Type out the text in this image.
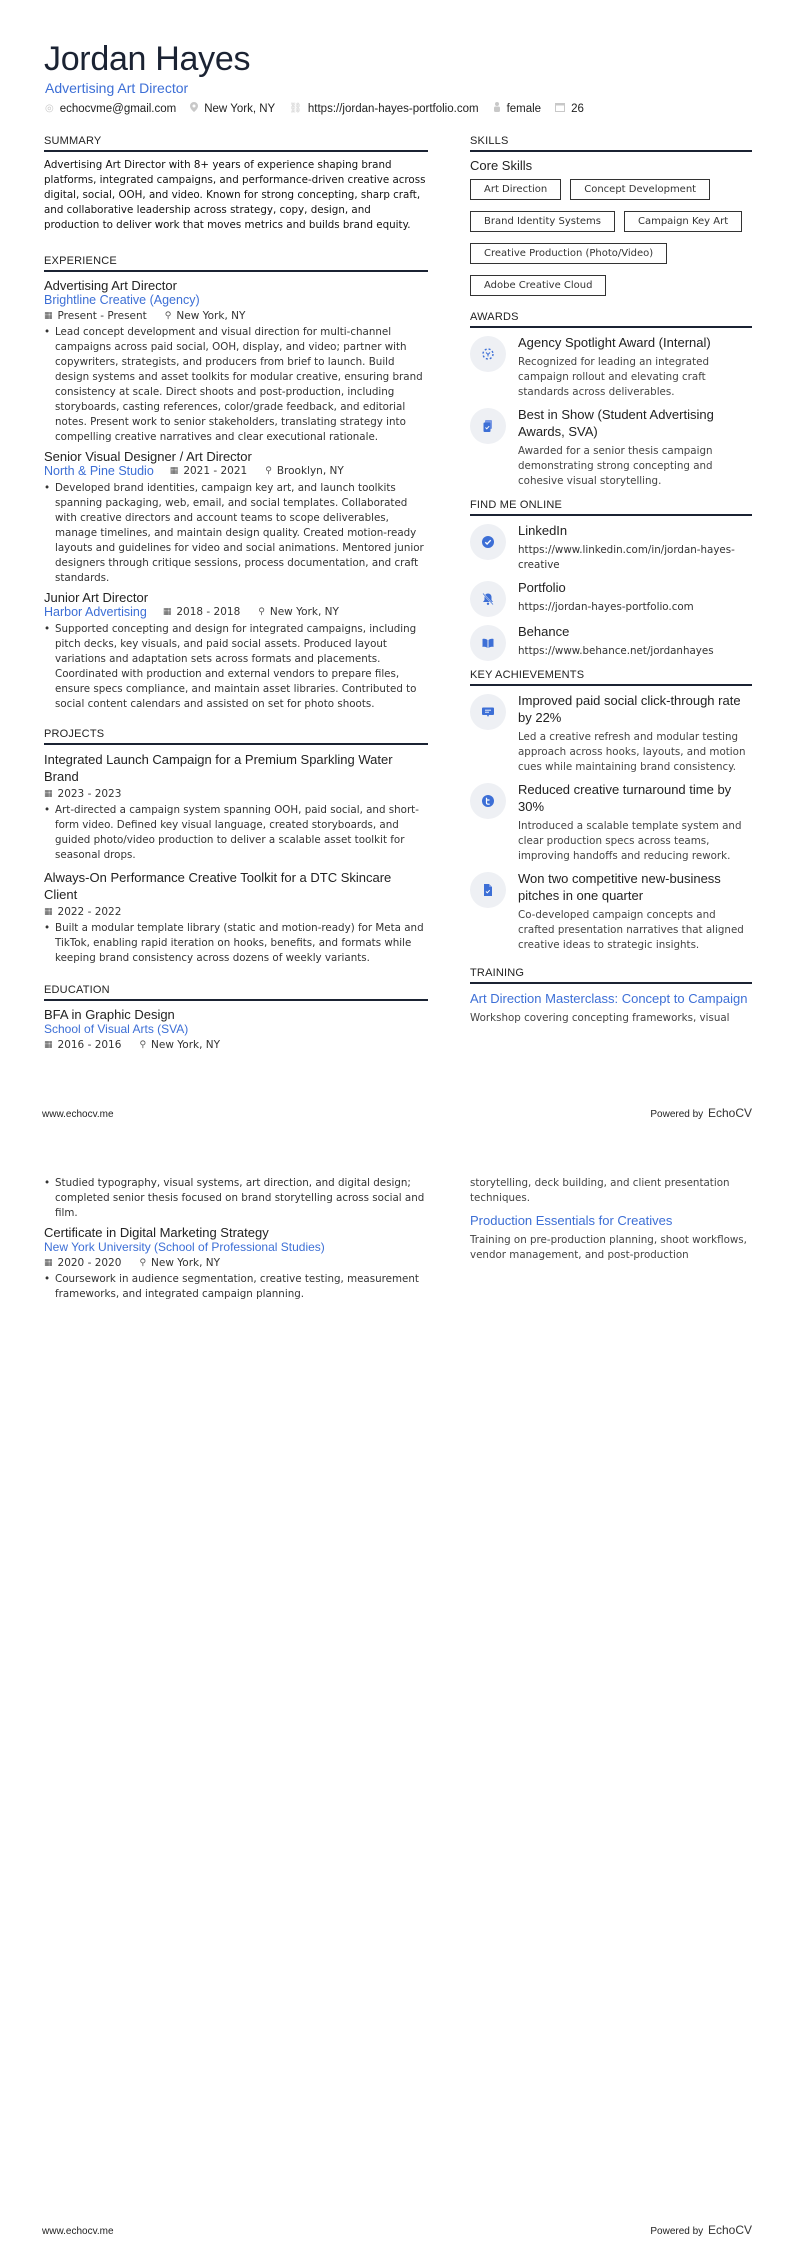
Jordan Hayes
Advertising Art Director
◎ echocvme@gmail.com New York, NY ⛓ https://jordan-hayes-portfolio.com female	26
SUMMARY

Advertising Art Director with 8+ years of experience shaping brand platforms, integrated campaigns, and performance-driven creative across digital, social, OOH, and video. Known for strong concepting, sharp craft, and collaborative leadership across strategy, copy, design, and production to deliver work that moves metrics and builds brand equity.

EXPERIENCE
Advertising Art Director
Brightline Creative (Agency)
▦ Present - Present ⚲ New York, NY
• Lead concept development and visual direction for multi-channel campaigns across paid social, OOH, display, and video; partner with copywriters, strategists, and producers from brief to launch. Build design systems and asset toolkits for modular creative, ensuring brand consistency at scale. Direct shoots and post-production, including storyboards, casting references, color/grade feedback, and editorial notes. Present work to senior stakeholders, translating strategy into compelling creative narratives and clear executional rationale.
Senior Visual Designer / Art Director
North & Pine Studio ▦ 2021 - 2021 ⚲ Brooklyn, NY
• Developed brand identities, campaign key art, and launch toolkits spanning packaging, web, email, and social templates. Collaborated with creative directors and account teams to scope deliverables, manage timelines, and maintain design quality. Created motion-ready layouts and guidelines for video and social animations. Mentored junior designers through critique sessions, process documentation, and craft standards.
Junior Art Director
Harbor Advertising ▦ 2018 - 2018 ⚲ New York, NY
• Supported concepting and design for integrated campaigns, including pitch decks, key visuals, and paid social assets. Produced layout variations and adaptation sets across formats and placements. Coordinated with production and external vendors to prepare files, ensure specs compliance, and maintain asset libraries. Contributed to social content calendars and assisted on set for photo shoots.
PROJECTS
Integrated Launch Campaign for a Premium Sparkling Water Brand
▦ 2023 - 2023
• Art-directed a campaign system spanning OOH, paid social, and short-form video. Defined key visual language, created storyboards, and guided photo/video production to deliver a scalable asset toolkit for seasonal drops.
Always-On Performance Creative Toolkit for a DTC Skincare Client
▦ 2022 - 2022
• Built a modular template library (static and motion-ready) for Meta and TikTok, enabling rapid iteration on hooks, benefits, and formats while keeping brand consistency across dozens of weekly variants.
EDUCATION
BFA in Graphic Design
School of Visual Arts (SVA)
▦ 2016 - 2016 ⚲ New York, NY
SKILLS
Core Skills
Art Direction	Concept Development
Brand Identity Systems	Campaign Key Art
Creative Production (Photo/Video)
Adobe Creative Cloud
AWARDS
Agency Spotlight Award (Internal)
Recognized for leading an integrated campaign rollout and elevating craft standards across deliverables.
Best in Show (Student Advertising Awards, SVA)
Awarded for a senior thesis campaign demonstrating strong concepting and cohesive visual storytelling.
FIND ME ONLINE
LinkedIn
https://www.linkedin.com/in/jordan-hayes-creative
Portfolio
https://jordan-hayes-portfolio.com
Behance
https://www.behance.net/jordanhayes
KEY ACHIEVEMENTS
Improved paid social click-through rate by 22%
Led a creative refresh and modular testing approach across hooks, layouts, and motion cues while maintaining brand consistency.
Reduced creative turnaround time by 30%
Introduced a scalable template system and clear production specs across teams, improving handoffs and reducing rework.
Won two competitive new-business pitches in one quarter
Co-developed campaign concepts and crafted presentation narratives that aligned creative ideas to strategic insights.
TRAINING
Art Direction Masterclass: Concept to Campaign
Workshop covering concepting frameworks, visual
www.echocv.me	Powered by EchoCV
• Studied typography, visual systems, art direction, and digital design; completed senior thesis focused on brand storytelling across social and film.
Certificate in Digital Marketing Strategy
New York University (School of Professional Studies)
▦ 2020 - 2020 ⚲ New York, NY
• Coursework in audience segmentation, creative testing, measurement frameworks, and integrated campaign planning.
storytelling, deck building, and client presentation techniques.
Production Essentials for Creatives
Training on pre-production planning, shoot workflows, vendor management, and post-production
www.echocv.me	Powered by EchoCV
